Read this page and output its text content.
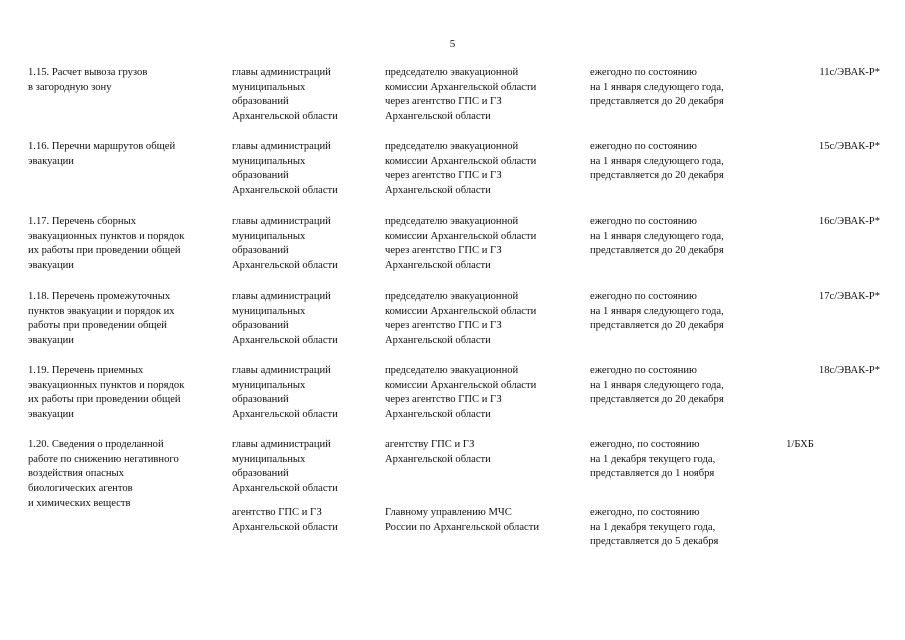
5
1.15. Расчет вывоза грузов
в загородную зону
главы администраций
муниципальных
образований
Архангельской области
председателю эвакуационной
комиссии Архангельской области
через агентство ГПС и ГЗ
Архангельской области
ежегодно по состоянию
на 1 января следующего года,
представляется до 20 декабря
11с/ЭВАК-Р*
1.16. Перечни маршрутов общей
эвакуации
главы администраций
муниципальных
образований
Архангельской области
председателю эвакуационной
комиссии Архангельской области
через агентство ГПС и ГЗ
Архангельской области
ежегодно по состоянию
на 1 января следующего года,
представляется до 20 декабря
15с/ЭВАК-Р*
1.17. Перечень сборных
эвакуационных пунктов и порядок
их работы при проведении общей
эвакуации
главы администраций
муниципальных
образований
Архангельской области
председателю эвакуационной
комиссии Архангельской области
через агентство ГПС и ГЗ
Архангельской области
ежегодно по состоянию
на 1 января следующего года,
представляется до 20 декабря
16с/ЭВАК-Р*
1.18. Перечень промежуточных
пунктов эвакуации и порядок их
работы при проведении общей
эвакуации
главы администраций
муниципальных
образований
Архангельской области
председателю эвакуационной
комиссии Архангельской области
через агентство ГПС и ГЗ
Архангельской области
ежегодно по состоянию
на 1 января следующего года,
представляется до 20 декабря
17с/ЭВАК-Р*
1.19. Перечень приемных
эвакуационных пунктов и порядок
их работы при проведении общей
эвакуации
главы администраций
муниципальных
образований
Архангельской области
председателю эвакуационной
комиссии Архангельской области
через агентство ГПС и ГЗ
Архангельской области
ежегодно по состоянию
на 1 января следующего года,
представляется до 20 декабря
18с/ЭВАК-Р*
1.20. Сведения о проделанной
работе по снижению негативного
воздействия опасных
биологических агентов
и химических веществ
главы администраций
муниципальных
образований
Архангельской области
агентству ГПС и ГЗ
Архангельской области
ежегодно, по состоянию
на 1 декабря текущего года,
представляется до 1 ноября
1/БХБ
агентство ГПС и ГЗ
Архангельской области
Главному управлению МЧС
России по Архангельской области
ежегодно, по состоянию
на 1 декабря текущего года,
представляется до 5 декабря
